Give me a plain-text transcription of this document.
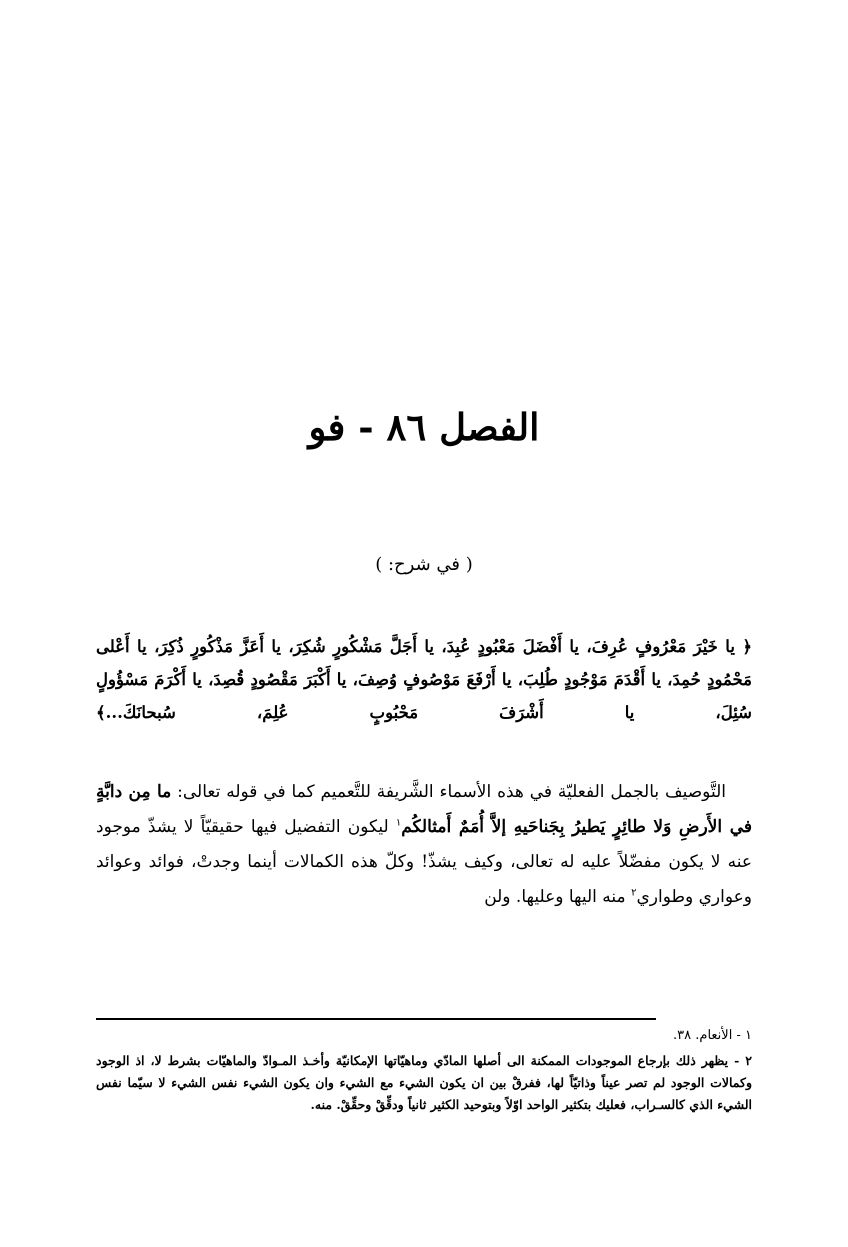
الفصل ٨٦ - فو
( في شرح: )
﴿ يا خَيْرَ مَعْرُوفٍ عُرِفَ، يا أَفْضَلَ مَعْبُودٍ عُبِدَ، يا أَجَلَّ مَشْكُورٍ شُكِرَ، يا أَعَزَّ مَذْكُورٍ ذُكِرَ، يا أَعْلى مَحْمُودٍ حُمِدَ، يا أَقْدَمَ مَوْجُودٍ طُلِبَ، يا أَرْفَعَ مَوْصُوفٍ وُصِفَ، يا أَكْبَرَ مَقْصُودٍ قُصِدَ، يا أَكْرَمَ مَسْؤُولٍ سُئِلَ، يا أَشْرَفَ مَحْبُوبٍ عُلِمَ، سُبحانَكَ...﴾

التَّوصيف بالجمل الفعليّة في هذه الأسماء الشَّريفة للتَّعميم كما في قوله تعالى: ما مِن دابَّةٍ في الأَرضِ وَلا طائِرٍ يَطيرُ بِجَناحَيهِ إلاَّ أُمَمٌ أَمثالكُم$^١$ ليكون التفضيل فيها حقيقيّاً لا يشذّ موجود عنه لا يكون مفضّلاً عليه له تعالى، وكيف يشذّ! وكلّ هذه الكمالات أينما وجدتْ، فوائد وعوائد وعواري وطواري$^٢$ منه اليها وعليها. ولن

١ - الأنعام. ٣٨.

٢ - يظهر ذلك بإرجاع الموجودات الممكنة الى أصلها المادّي وماهيّاتها الإمكانيّة وأخـذ المـوادّ والماهيّات بشرط لا، اذ الوجود وكمالات الوجود لم تصر عيناً وذاتيّاً لها، ففرقْ بين ان يكون الشيء مع الشيء وان يكون الشيء نفس الشيء لا سيّما نفس الشيء الذي كالسـراب، فعليك بتكثير الواحد اوّلاً وبتوحيد الكثير ثانياً ودقِّقْ وحقِّقْ. منه.
